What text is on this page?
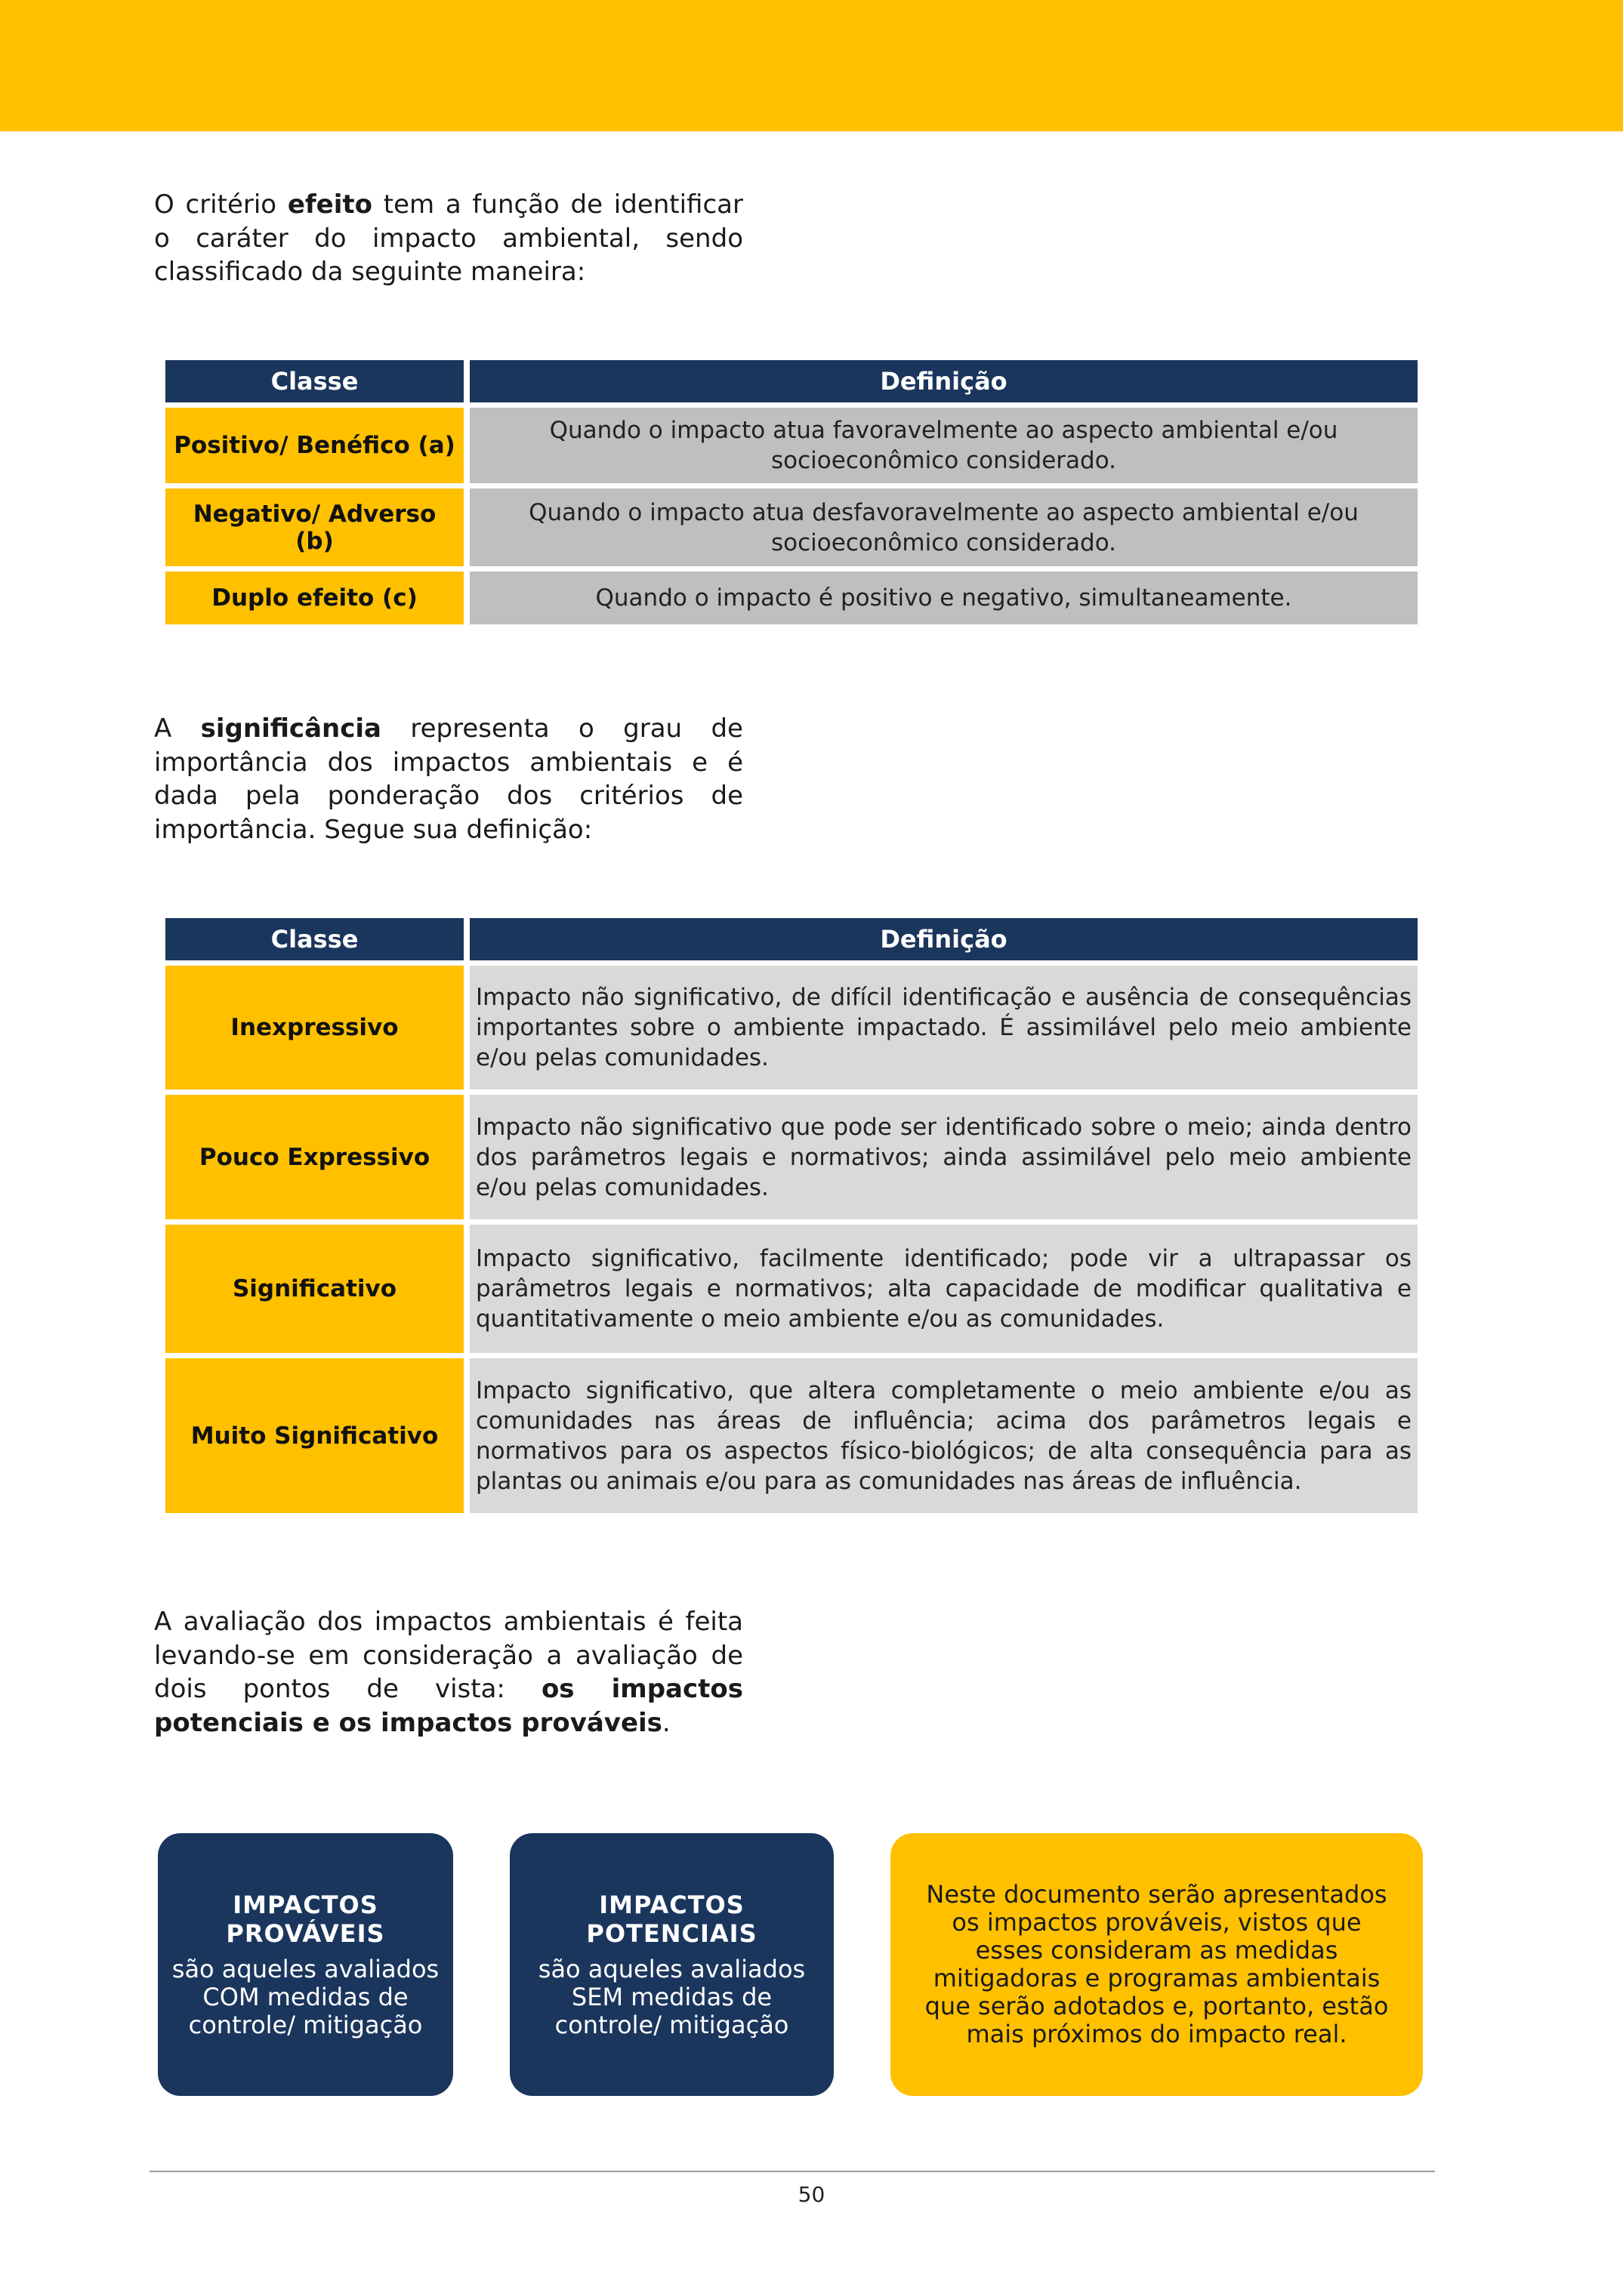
O critério efeito tem a função de identificar o caráter do impacto ambiental, sendo classificado da seguinte maneira:

Classe	Definição
Positivo/ Benéfico (a)	Quando o impacto atua favoravelmente ao aspecto ambiental e/ou socioeconômico considerado.
Negativo/ Adverso (b)	Quando o impacto atua desfavoravelmente ao aspecto ambiental e/ou socioeconômico considerado.
Duplo efeito (c)	Quando o impacto é positivo e negativo, simultaneamente.

A significância representa o grau de importância dos impactos ambientais e é dada pela ponderação dos critérios de importância. Segue sua definição:

Classe	Definição
Inexpressivo	Impacto não significativo, de difícil identificação e ausência de consequências importantes sobre o ambiente impactado. É assimilável pelo meio ambiente e/ou pelas comunidades.
Pouco Expressivo	Impacto não significativo que pode ser identificado sobre o meio; ainda dentro dos parâmetros legais e normativos; ainda assimilável pelo meio ambiente e/ou pelas comunidades.
Significativo	Impacto significativo, facilmente identificado; pode vir a ultrapassar os parâmetros legais e normativos; alta capacidade de modificar qualitativa e quantitativamente o meio ambiente e/ou as comunidades.
Muito Significativo	Impacto significativo, que altera completamente o meio ambiente e/ou as comunidades nas áreas de influência; acima dos parâmetros legais e normativos para os aspectos físico-biológicos; de alta consequência para as plantas ou animais e/ou para as comunidades nas áreas de influência.

A avaliação dos impactos ambientais é feita levando-se em consideração a avaliação de dois pontos de vista: os impactos potenciais e os impactos prováveis.

IMPACTOS PROVÁVEIS
são aqueles avaliados COM medidas de controle/ mitigação
IMPACTOS POTENCIAIS
são aqueles avaliados SEM medidas de controle/ mitigação
Neste documento serão apresentados os impactos prováveis, vistos que esses consideram as medidas mitigadoras e programas ambientais que serão adotados e, portanto, estão mais próximos do impacto real.
50
